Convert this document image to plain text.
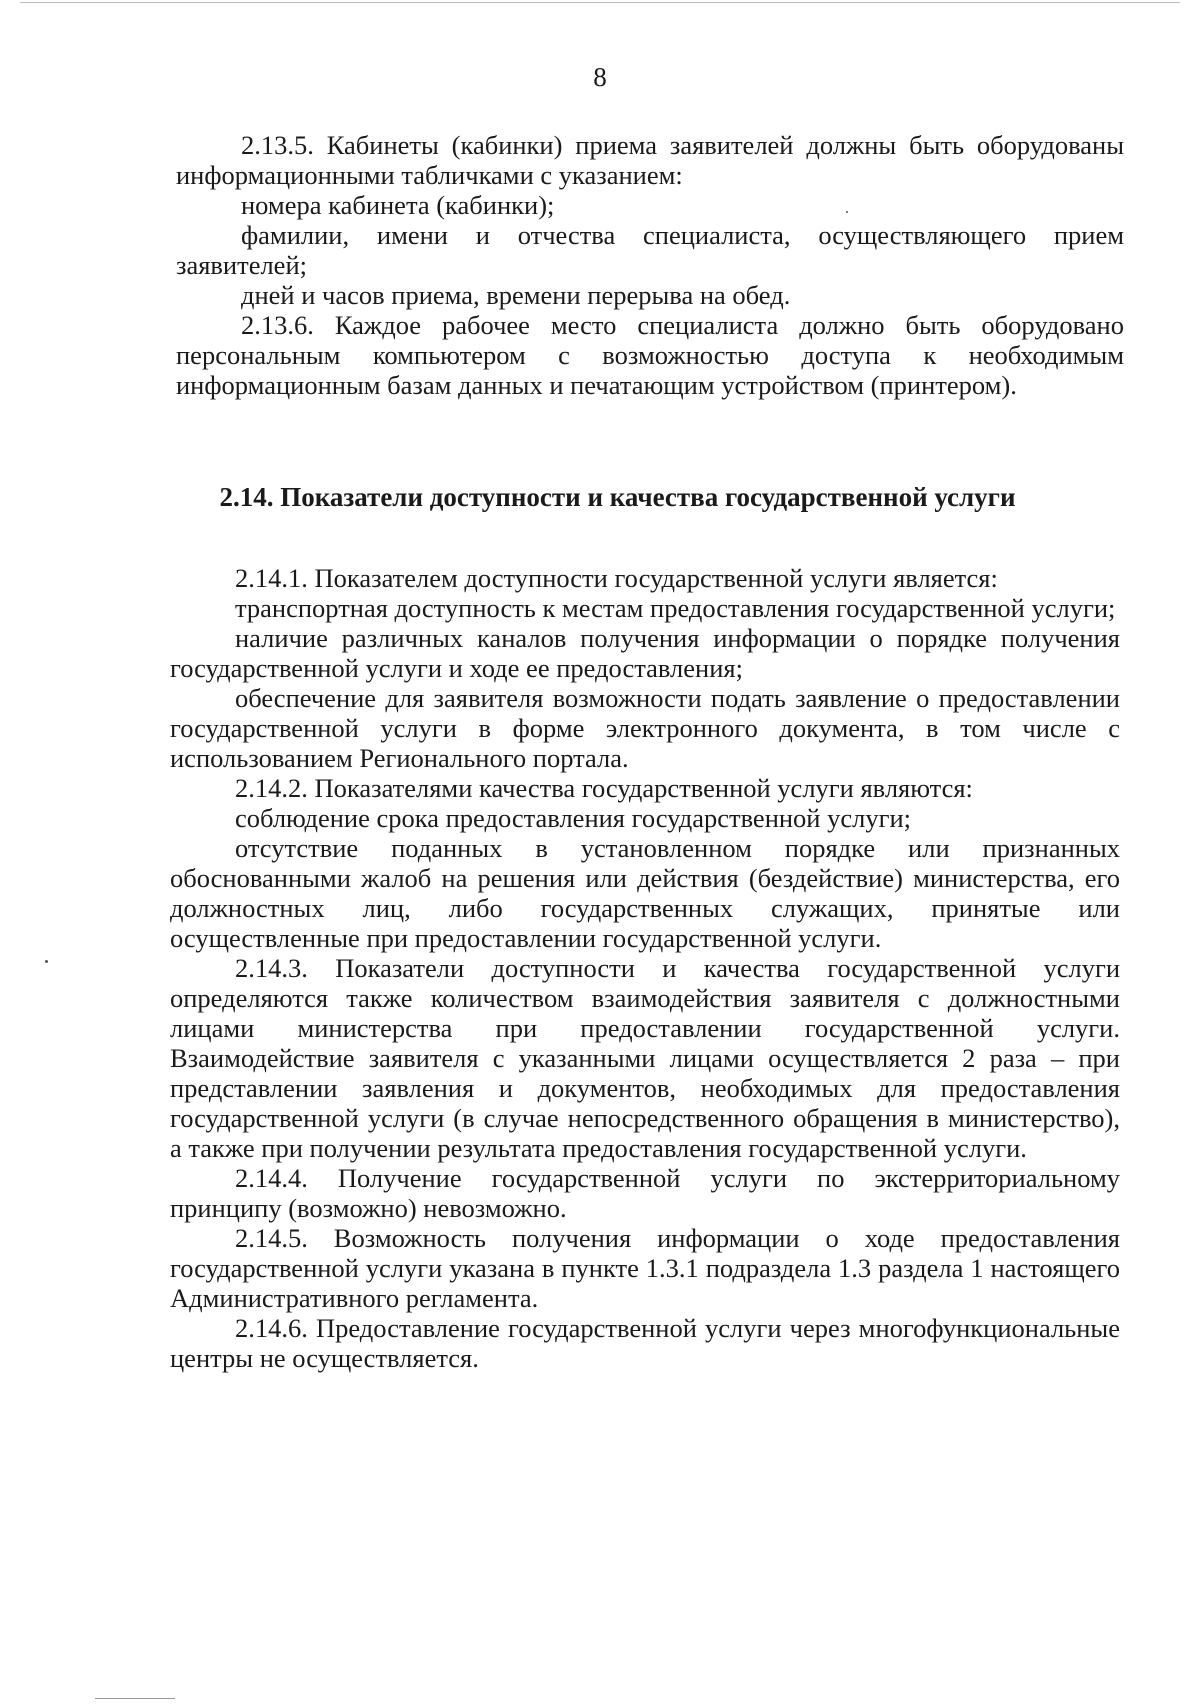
8

2.13.5. Кабинеты (кабинки) приема заявителей должны быть оборудованы информационными табличками с указанием:

номера кабинета (кабинки);

фамилии, имени и отчества специалиста, осуществляющего прием заявителей;

дней и часов приема, времени перерыва на обед.

2.13.6. Каждое рабочее место специалиста должно быть оборудовано персональным компьютером с возможностью доступа к необходимым информационным базам данных и печатающим устройством (принтером).

2.14. Показатели доступности и качества государственной услуги

2.14.1. Показателем доступности государственной услуги является:

транспортная доступность к местам предоставления государственной услуги;

наличие различных каналов получения информации о порядке получения государственной услуги и ходе ее предоставления;

обеспечение для заявителя возможности подать заявление о предоставлении государственной услуги в форме электронного документа, в том числе с использованием Регионального портала.

2.14.2. Показателями качества государственной услуги являются:

соблюдение срока предоставления государственной услуги;

отсутствие поданных в установленном порядке или признанных обоснованными жалоб на решения или действия (бездействие) министерства, его должностных лиц, либо государственных служащих, принятые или осуществленные при предоставлении государственной услуги.

2.14.3. Показатели доступности и качества государственной услуги определяются также количеством взаимодействия заявителя с должностными лицами министерства при предоставлении государственной услуги. Взаимодействие заявителя с указанными лицами осуществляется 2 раза – при представлении заявления и документов, необходимых для предоставления государственной услуги (в случае непосредственного обращения в министерство), а также при получении результата предоставления государственной услуги.

2.14.4. Получение государственной услуги по экстерриториальному принципу (возможно) невозможно.

2.14.5. Возможность получения информации о ходе предоставления государственной услуги указана в пункте 1.3.1 подраздела 1.3 раздела 1 настоящего Административного регламента.

2.14.6. Предоставление государственной услуги через многофункциональные центры не осуществляется.
